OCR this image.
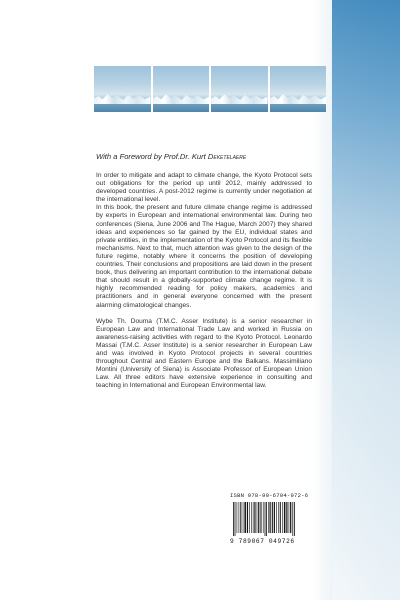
With a Foreword by Prof.Dr. Kurt Deketelaere

In order to mitigate and adapt to climate change, the Kyoto Protocol sets out obligations for the period up until 2012, mainly addressed to developed countries. A post-2012 regime is currently under negotiation at the international level.

In this book, the present and future climate change regime is addressed by experts in European and international environmental law. During two conferences (Siena, June 2006 and The Hague, March 2007) they shared ideas and experiences so far gained by the EU, individual states and private entities, in the implementation of the Kyoto Protocol and its flexible mechanisms. Next to that, much attention was given to the design of the future regime, notably where it concerns the position of developing countries. Their conclusions and propositions are laid down in the present book, thus delivering an important contribution to the international debate that should result in a globally-supported climate change regime. It is highly recommended reading for policy makers, academics and practitioners and in general everyone concerned with the present alarming climatological changes.

Wybe Th. Douma (T.M.C. Asser Institute) is a senior researcher in European Law and International Trade Law and worked in Russia on awareness-raising activities with regard to the Kyoto Protocol. Leonardo Massai (T.M.C. Asser Institute) is a senior researcher in European Law and was involved in Kyoto Protocol projects in several countries throughout Central and Eastern Europe and the Balkans. Massimiliano Montini (University of Siena) is Associate Professor of European Union Law. All three editors have extensive experience in consulting and teaching in International and European Environmental law.

ISBN 978-90-6704-972-6
9 789067 049726
